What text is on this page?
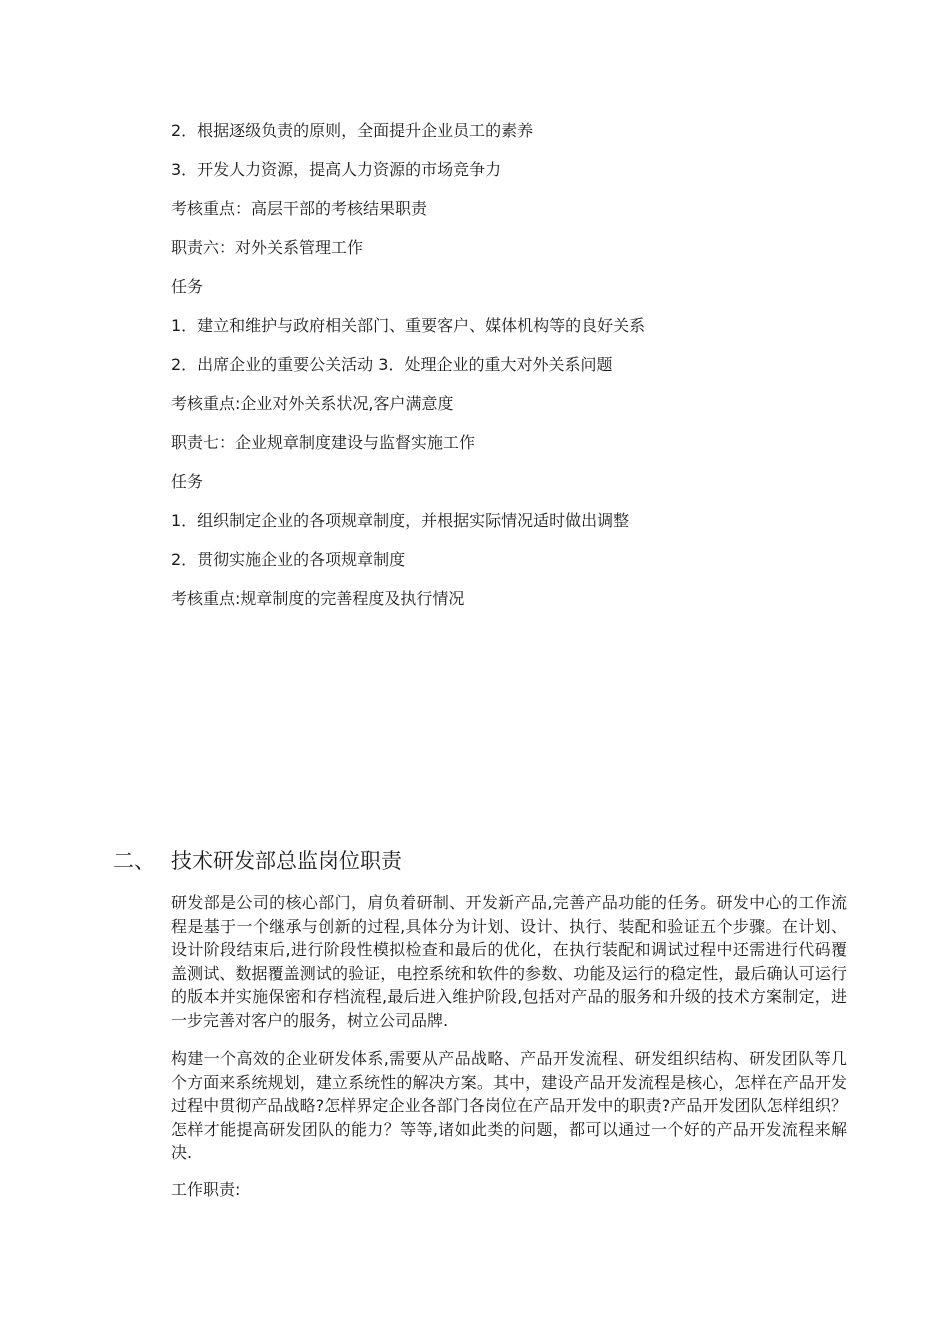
2．根据逐级负责的原则，全面提升企业员工的素养
3．开发人力资源，提高人力资源的市场竞争力
考核重点：高层干部的考核结果职责
职责六：对外关系管理工作
任务
1．建立和维护与政府相关部门、重要客户、媒体机构等的良好关系
2．出席企业的重要公关活动 3．处理企业的重大对外关系问题
考核重点:企业对外关系状况,客户满意度
职责七：企业规章制度建设与监督实施工作
任务
1．组织制定企业的各项规章制度，并根据实际情况适时做出调整
2．贯彻实施企业的各项规章制度
考核重点:规章制度的完善程度及执行情况
二、 技术研发部总监岗位职责
研发部是公司的核心部门，肩负着研制、开发新产品,完善产品功能的任务。研发中心的工作流程是基于一个继承与创新的过程,具体分为计划、设计、执行、装配和验证五个步骤。在计划、设计阶段结束后,进行阶段性模拟检查和最后的优化，在执行装配和调试过程中还需进行代码覆盖测试、数据覆盖测试的验证，电控系统和软件的参数、功能及运行的稳定性，最后确认可运行的版本并实施保密和存档流程,最后进入维护阶段,包括对产品的服务和升级的技术方案制定，进一步完善对客户的服务，树立公司品牌.
构建一个高效的企业研发体系,需要从产品战略、产品开发流程、研发组织结构、研发团队等几个方面来系统规划，建立系统性的解决方案。其中，建设产品开发流程是核心，怎样在产品开发过程中贯彻产品战略?怎样界定企业各部门各岗位在产品开发中的职责?产品开发团队怎样组织？怎样才能提高研发团队的能力？等等,诸如此类的问题，都可以通过一个好的产品开发流程来解决.
工作职责:
